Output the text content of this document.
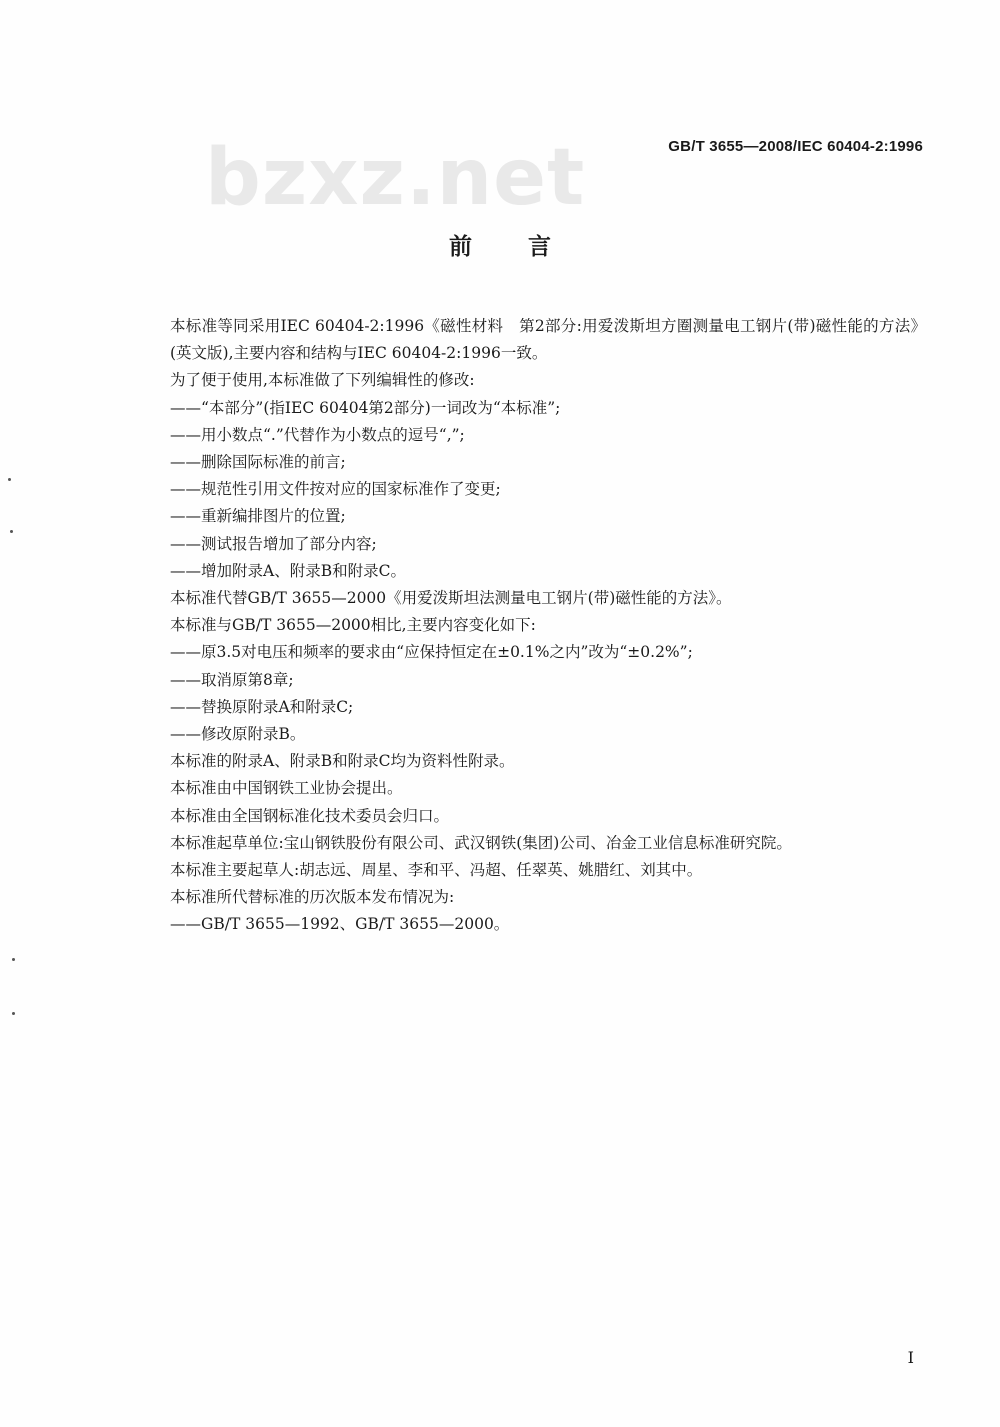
bzxz.net	GB/T 3655—2008/IEC 60404-2:1996
前言

本标准等同采用IEC 60404-2:1996《磁性材料　第2部分:用爱泼斯坦方圈测量电工钢片(带)磁性能的方法》(英文版),主要内容和结构与IEC 60404-2:1996一致。

为了便于使用,本标准做了下列编辑性的修改:

——“本部分”(指IEC 60404第2部分)一词改为“本标准”;

——用小数点“.”代替作为小数点的逗号“,”;

——删除国际标准的前言;

——规范性引用文件按对应的国家标准作了变更;

——重新编排图片的位置;

——测试报告增加了部分内容;

——增加附录A、附录B和附录C。

本标准代替GB/T 3655—2000《用爱泼斯坦法测量电工钢片(带)磁性能的方法》。

本标准与GB/T 3655—2000相比,主要内容变化如下:

——原3.5对电压和频率的要求由“应保持恒定在±0.1%之内”改为“±0.2%”;

——取消原第8章;

——替换原附录A和附录C;

——修改原附录B。

本标准的附录A、附录B和附录C均为资料性附录。

本标准由中国钢铁工业协会提出。

本标准由全国钢标准化技术委员会归口。

本标准起草单位:宝山钢铁股份有限公司、武汉钢铁(集团)公司、冶金工业信息标准研究院。

本标准主要起草人:胡志远、周星、李和平、冯超、任翠英、姚腊红、刘其中。

本标准所代替标准的历次版本发布情况为:

——GB/T 3655—1992、GB/T 3655—2000。

I
